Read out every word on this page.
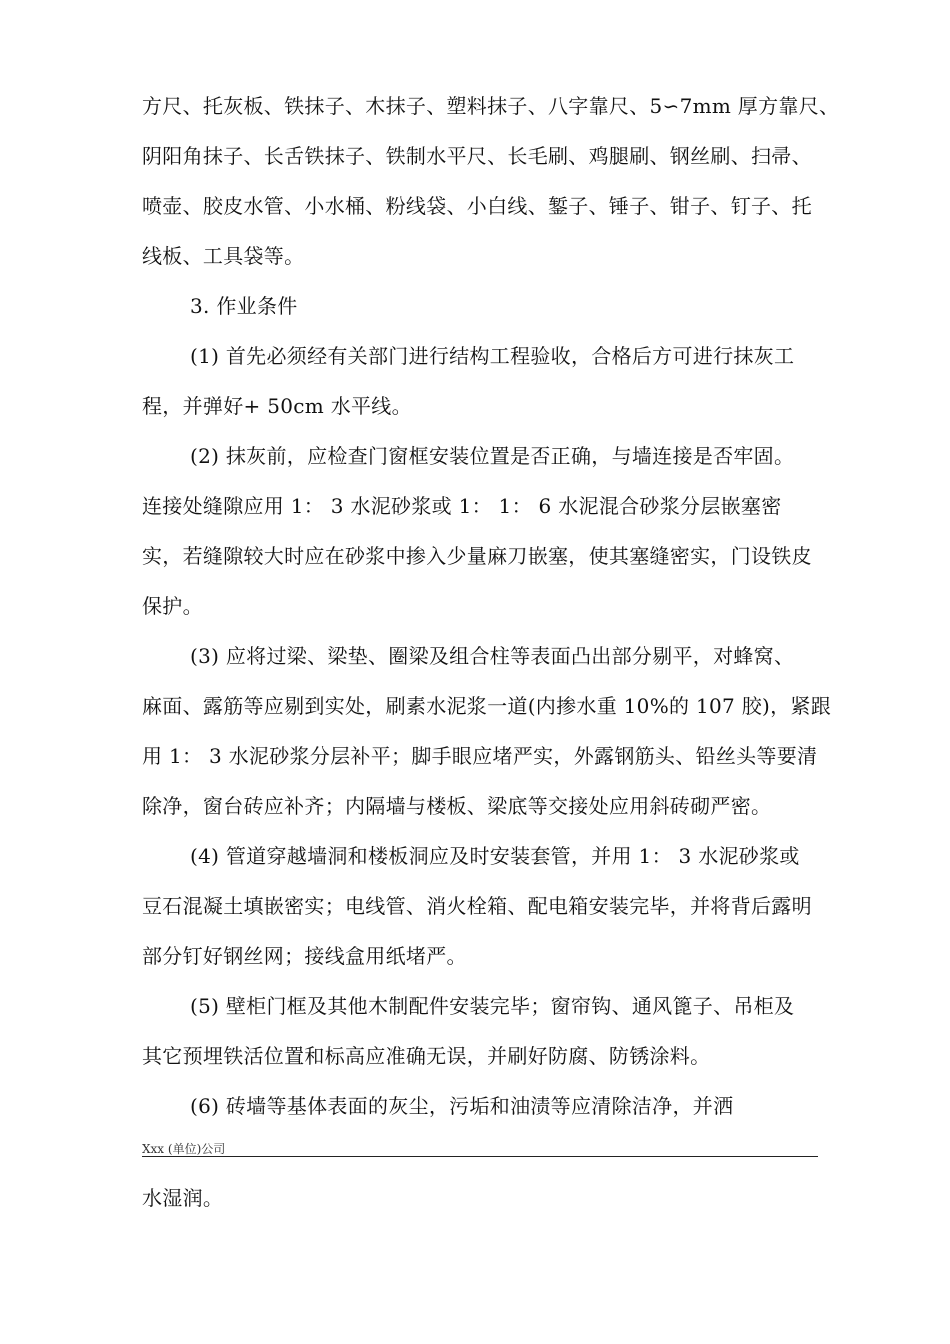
方尺、托灰板、铁抹子、木抹子、塑料抹子、八字靠尺、5∽7mm 厚方靠尺、
阴阳角抹子、长舌铁抹子、铁制水平尺、长毛刷、鸡腿刷、钢丝刷、扫帚、
喷壶、胶皮水管、小水桶、粉线袋、小白线、錾子、锤子、钳子、钉子、托
线板、工具袋等。
3. 作业条件
(1) 首先必须经有关部门进行结构工程验收，合格后方可进行抹灰工
程，并弹好+ 50cm 水平线。
(2) 抹灰前，应检查门窗框安装位置是否正确，与墙连接是否牢固。
连接处缝隙应用 1： 3 水泥砂浆或 1： 1： 6 水泥混合砂浆分层嵌塞密
实，若缝隙较大时应在砂浆中掺入少量麻刀嵌塞，使其塞缝密实，门设铁皮
保护。
(3) 应将过梁、梁垫、圈梁及组合柱等表面凸出部分剔平，对蜂窝、
麻面、露筋等应剔到实处，刷素水泥浆一道(内掺水重 10%的 107 胶)，紧跟
用 1： 3 水泥砂浆分层补平；脚手眼应堵严实，外露钢筋头、铅丝头等要清
除净，窗台砖应补齐；内隔墙与楼板、梁底等交接处应用斜砖砌严密。
(4) 管道穿越墙洞和楼板洞应及时安装套管，并用 1： 3 水泥砂浆或
豆石混凝土填嵌密实；电线管、消火栓箱、配电箱安装完毕，并将背后露明
部分钉好钢丝网；接线盒用纸堵严。
(5) 壁柜门框及其他木制配件安装完毕；窗帘钩、通风篦子、吊柜及
其它预埋铁活位置和标高应准确无误，并刷好防腐、防锈涂料。
(6) 砖墙等基体表面的灰尘，污垢和油渍等应清除洁净，并洒
Xxx (单位)公司
水湿润。
